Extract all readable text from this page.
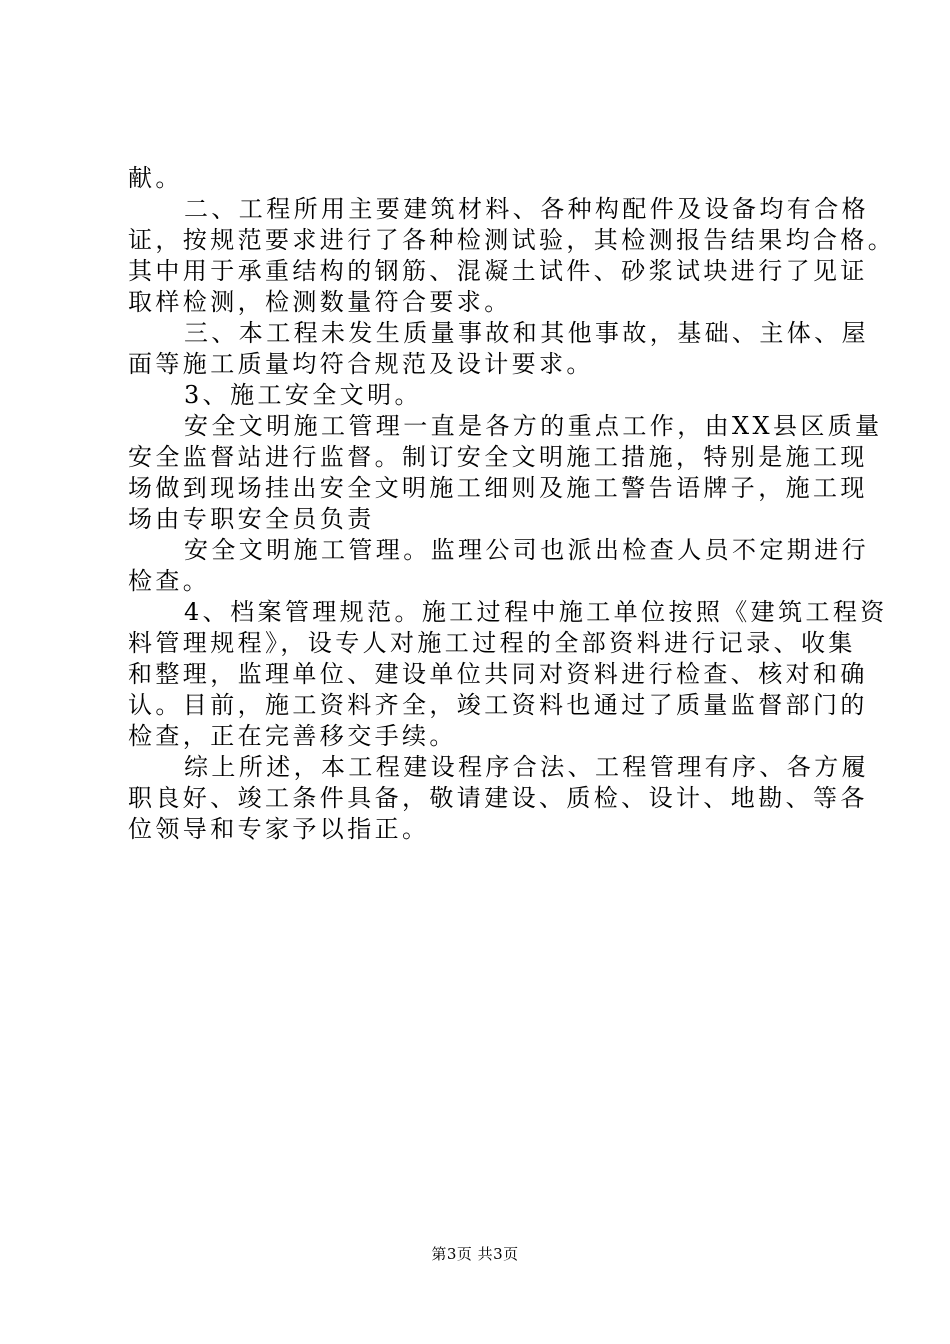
献。
二、工程所用主要建筑材料、各种构配件及设备均有合格
证，按规范要求进行了各种检测试验，其检测报告结果均合格。
其中用于承重结构的钢筋、混凝土试件、砂浆试块进行了见证
取样检测，检测数量符合要求。
三、本工程未发生质量事故和其他事故，基础、主体、屋
面等施工质量均符合规范及设计要求。
3、施工安全文明。
安全文明施工管理一直是各方的重点工作，由XX县区质量
安全监督站进行监督。制订安全文明施工措施，特别是施工现
场做到现场挂出安全文明施工细则及施工警告语牌子，施工现
场由专职安全员负责
安全文明施工管理。监理公司也派出检查人员不定期进行
检查。
4、档案管理规范。施工过程中施工单位按照《建筑工程资
料管理规程》，设专人对施工过程的全部资料进行记录、收集
和整理，监理单位、建设单位共同对资料进行检查、核对和确
认。目前，施工资料齐全，竣工资料也通过了质量监督部门的
检查，正在完善移交手续。
综上所述，本工程建设程序合法、工程管理有序、各方履
职良好、竣工条件具备，敬请建设、质检、设计、地勘、等各
位领导和专家予以指正。
第3页 共3页
